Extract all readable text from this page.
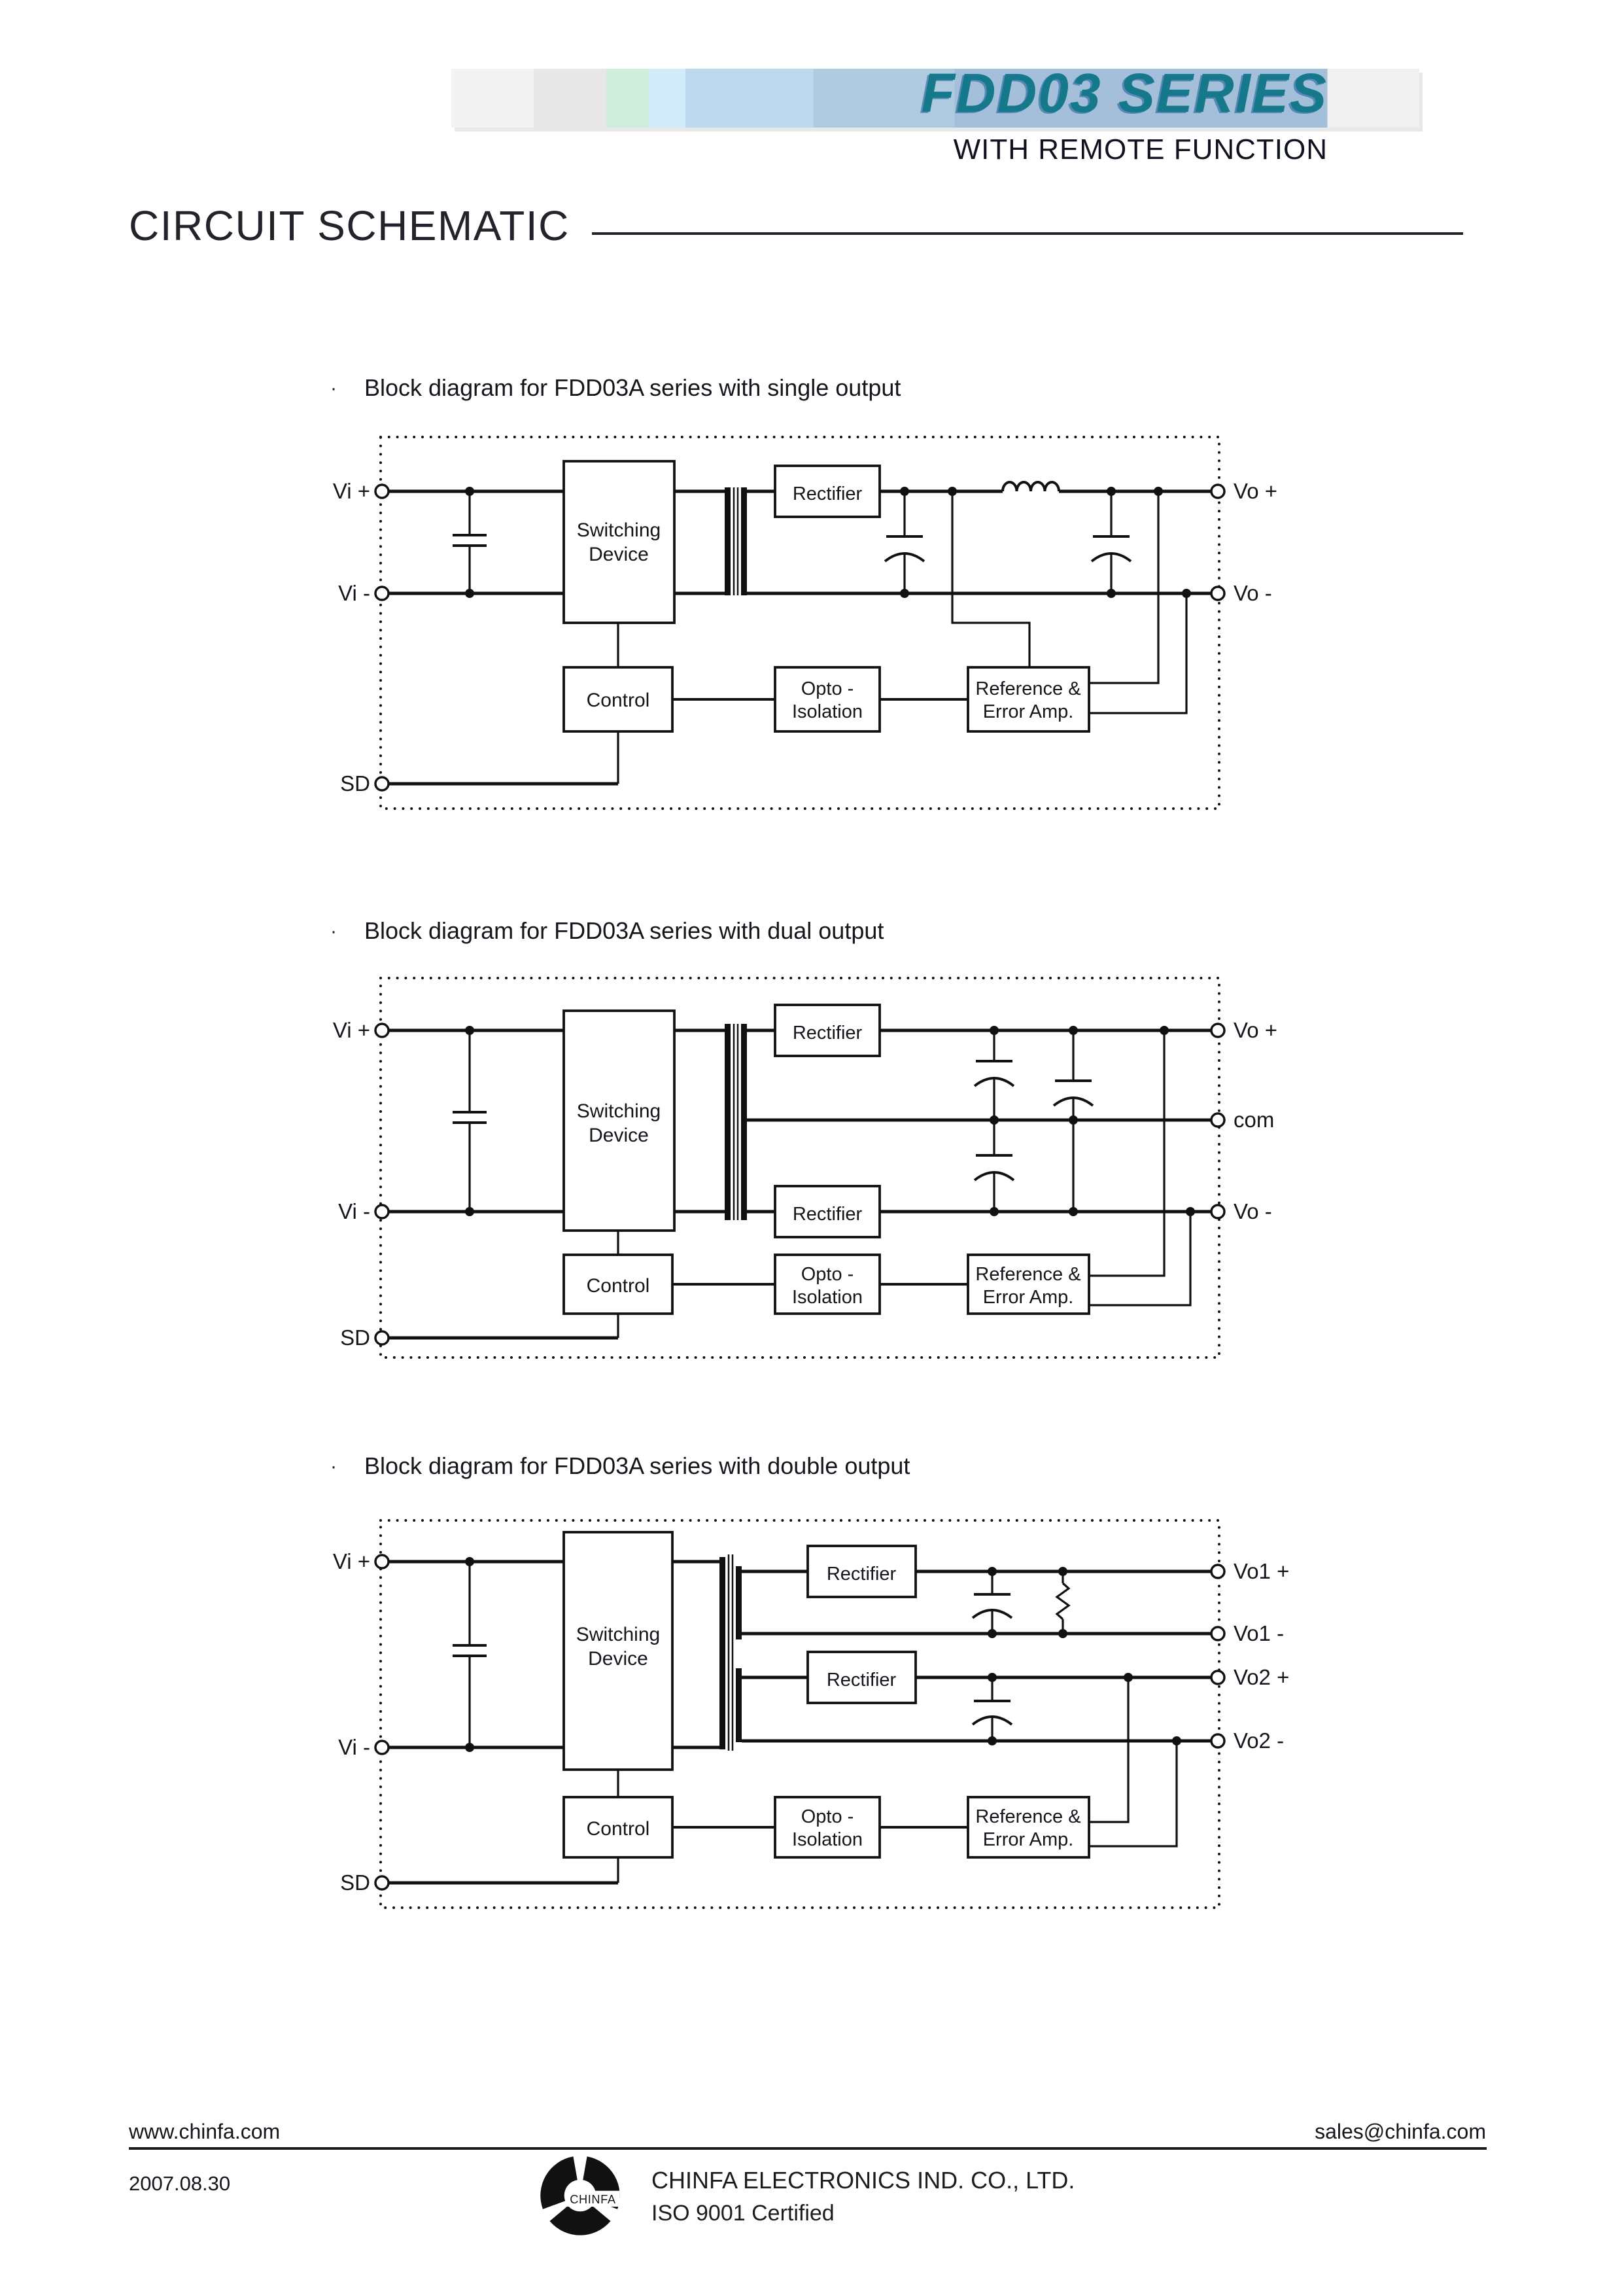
FDD03 SERIES
WITH REMOTE FUNCTION
CIRCUIT SCHEMATIC
· Block diagram for FDD03A series with single output
· Block diagram for FDD03A series with dual output
· Block diagram for FDD03A series with double output
Switching
Device
Rectifier
Control
Opto -
Isolation
Reference &
Error Amp.
Vi +
Vi -
SD
Vo +
Vo -
Switching
Device
Rectifier
Rectifier
Control
Opto -
Isolation
Reference &
Error Amp.
Vi +
Vi -
SD
Vo +
com
Vo -
Switching
Device
Rectifier
Rectifier
Control
Opto -
Isolation
Reference &
Error Amp.
Vi +
Vi -
SD
Vo1 +
Vo1 -
Vo2 +
Vo2 -
www.chinfa.com	sales@chinfa.com
2007.08.30
CHINFA
CHINFA ELECTRONICS IND. CO., LTD.
ISO 9001 Certified
